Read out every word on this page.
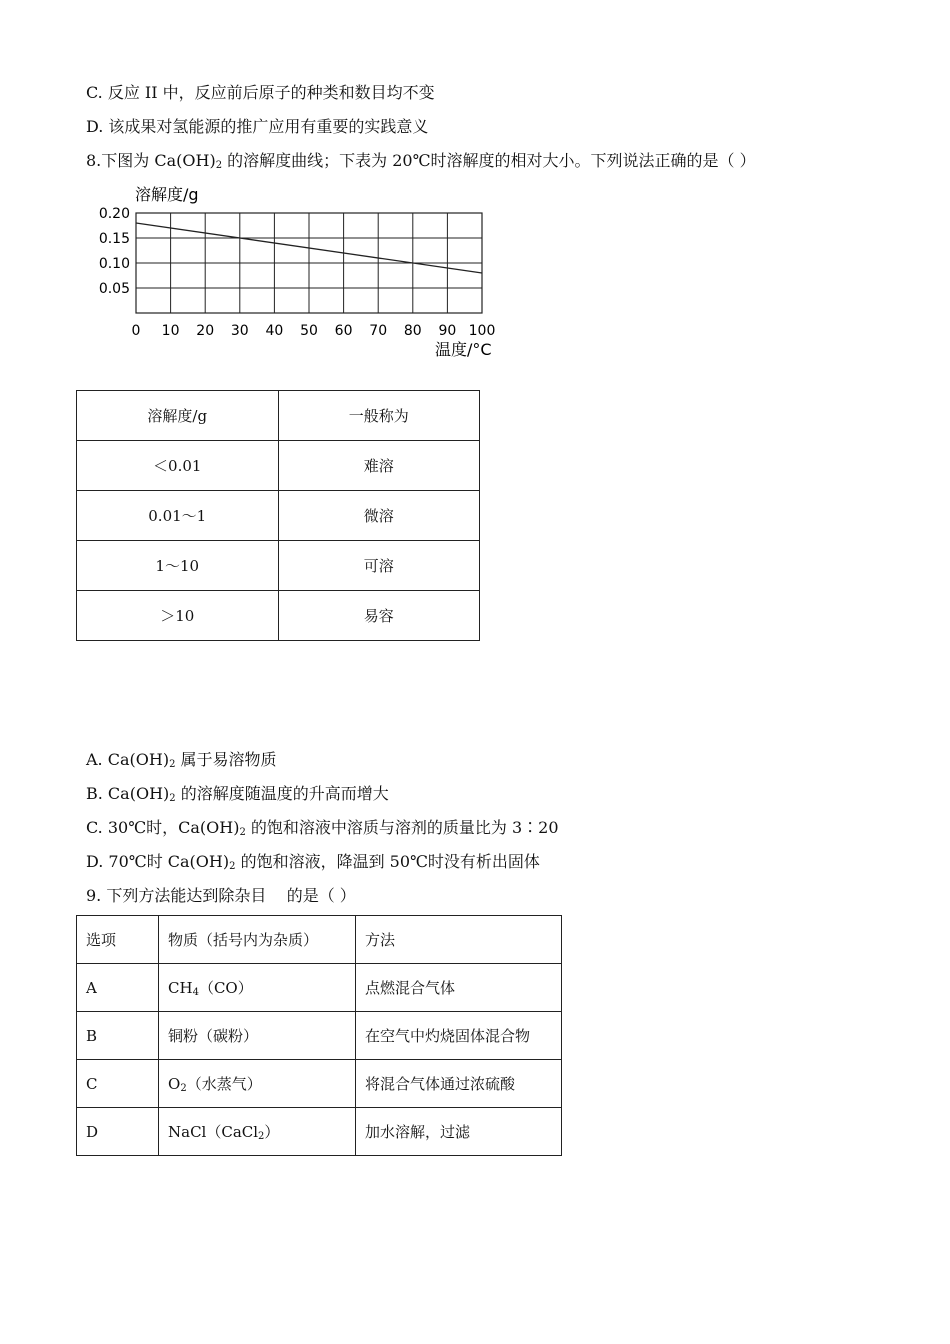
C. 反应 II 中，反应前后原子的种类和数目均不变
D. 该成果对氢能源的推广应用有重要的实践意义
8.下图为 $Ca(OH)_2$ 的溶解度曲线；下表为 20℃时溶解度的相对大小。下列说法正确的是（ ）
0.05
0.10
0.15
0.20
0 10 20 30 40 50 60 70 80 90 100
溶解度/g
温度/°C
溶解度/g	一般称为
＜0.01	难溶
0.01～1	微溶
1～10	可溶
＞10	易容
A. $Ca(OH)_2$ 属于易溶物质
B. $Ca(OH)_2$ 的溶解度随温度的升高而增大
C. 30℃时，$Ca(OH)_2$ 的饱和溶液中溶质与溶剂的质量比为 3∶20
D. 70℃时 $Ca(OH)_2$ 的饱和溶液，降温到 50℃时没有析出固体
9. 下列方法能达到除杂目    的是（ ）
选项	物质（括号内为杂质）	方法
A	$CH_4(CO)$	点燃混合气体
B	铜粉（碳粉）	在空气中灼烧固体混合物
C	$O_2$（水蒸气）	将混合气体通过浓硫酸
D	NaCl（CaCl$_2$）	加水溶解，过滤
